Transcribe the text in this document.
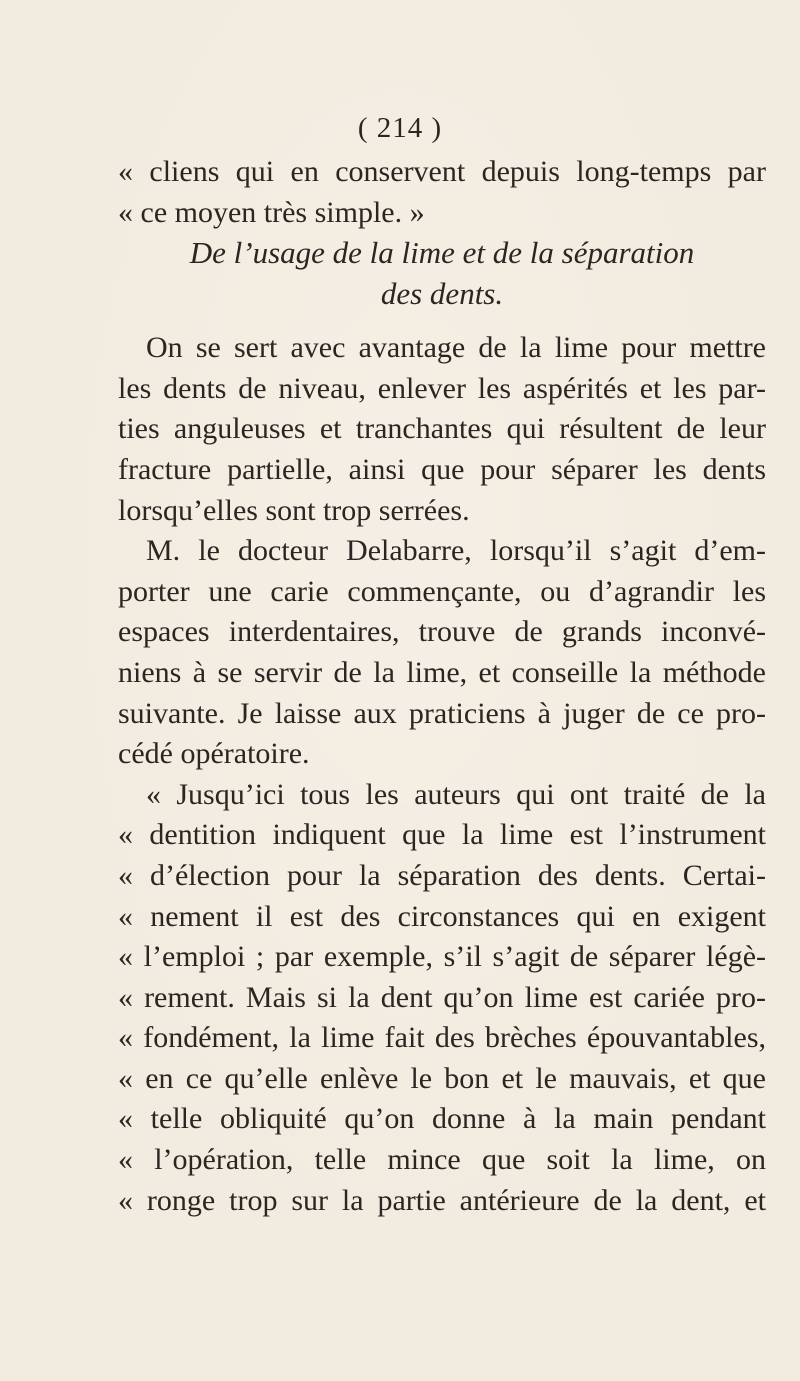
( 214 )
« cliens qui en conservent depuis long-temps par
« ce moyen très simple. »
De l’usage de la lime et de la séparation
des dents.
On se sert avec avantage de la lime pour mettre
les dents de niveau, enlever les aspérités et les par-
ties anguleuses et tranchantes qui résultent de leur
fracture partielle, ainsi que pour séparer les dents
lorsqu’elles sont trop serrées.
M. le docteur Delabarre, lorsqu’il s’agit d’em-
porter une carie commençante, ou d’agrandir les
espaces interdentaires, trouve de grands inconvé-
niens à se servir de la lime, et conseille la méthode
suivante. Je laisse aux praticiens à juger de ce pro-
cédé opératoire.
« Jusqu’ici tous les auteurs qui ont traité de la
« dentition indiquent que la lime est l’instrument
« d’élection pour la séparation des dents. Certai-
« nement il est des circonstances qui en exigent
« l’emploi ; par exemple, s’il s’agit de séparer légè-
« rement. Mais si la dent qu’on lime est cariée pro-
« fondément, la lime fait des brèches épouvantables,
« en ce qu’elle enlève le bon et le mauvais, et que
« telle obliquité qu’on donne à la main pendant
« l’opération, telle mince que soit la lime, on
« ronge trop sur la partie antérieure de la dent, et
